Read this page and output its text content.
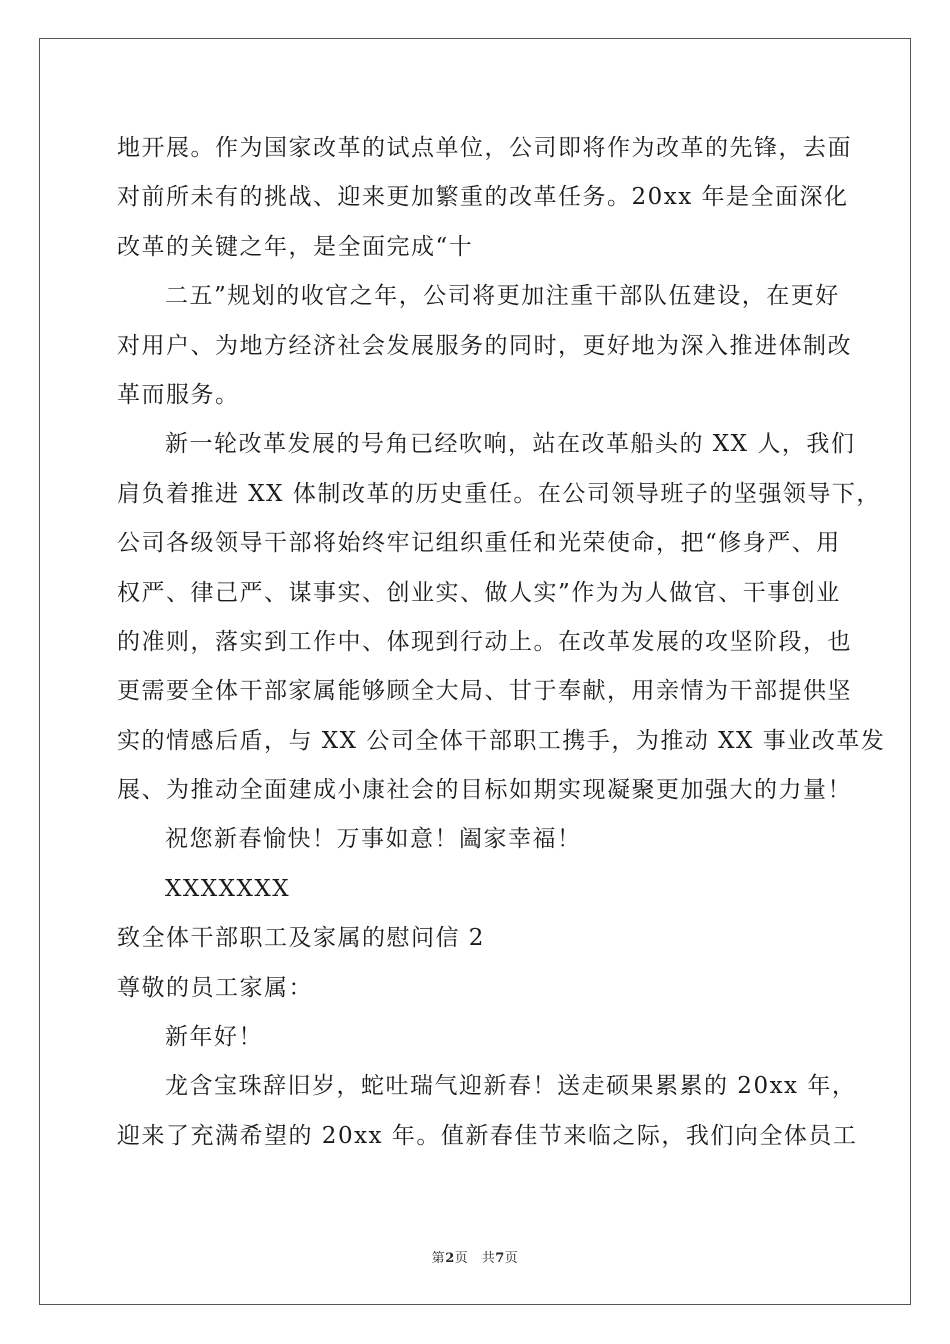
地开展。作为国家改革的试点单位，公司即将作为改革的先锋，去面
对前所未有的挑战、迎来更加繁重的改革任务。20xx 年是全面深化
改革的关键之年，是全面完成“十
二五”规划的收官之年，公司将更加注重干部队伍建设，在更好
对用户、为地方经济社会发展服务的同时，更好地为深入推进体制改
革而服务。
新一轮改革发展的号角已经吹响，站在改革船头的 XX 人，我们
肩负着推进 XX 体制改革的历史重任。在公司领导班子的坚强领导下，
公司各级领导干部将始终牢记组织重任和光荣使命，把“修身严、用
权严、律己严、谋事实、创业实、做人实”作为为人做官、干事创业
的准则，落实到工作中、体现到行动上。在改革发展的攻坚阶段，也
更需要全体干部家属能够顾全大局、甘于奉献，用亲情为干部提供坚
实的情感后盾，与 XX 公司全体干部职工携手，为推动 XX 事业改革发
展、为推动全面建成小康社会的目标如期实现凝聚更加强大的力量！
祝您新春愉快！万事如意！阖家幸福！
XXXXXXX
致全体干部职工及家属的慰问信 2
尊敬的员工家属：
新年好！
龙含宝珠辞旧岁，蛇吐瑞气迎新春！送走硕果累累的 20xx 年，
迎来了充满希望的 20xx 年。值新春佳节来临之际，我们向全体员工
第2页　共7页
